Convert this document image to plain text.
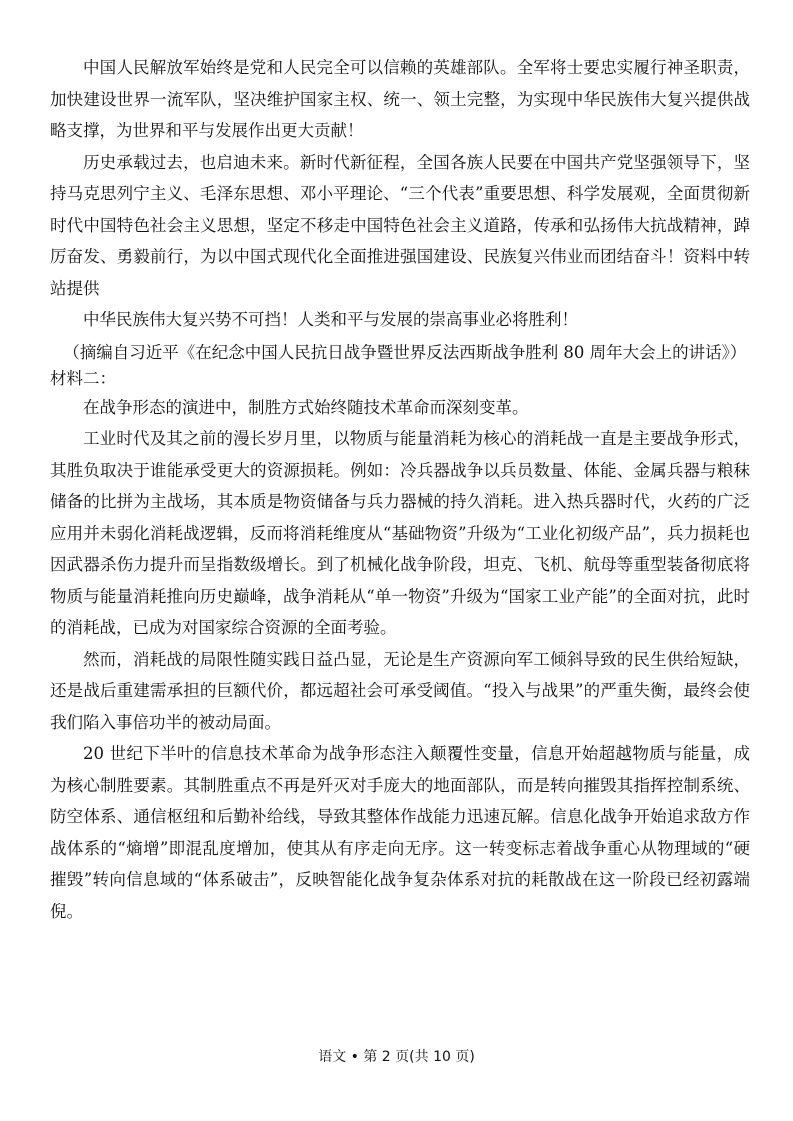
中国人民解放军始终是党和人民完全可以信赖的英雄部队。全军将士要忠实履行神圣职责，加快建设世界一流军队，坚决维护国家主权、统一、领土完整，为实现中华民族伟大复兴提供战略支撑，为世界和平与发展作出更大贡献！

历史承载过去，也启迪未来。新时代新征程，全国各族人民要在中国共产党坚强领导下，坚持马克思列宁主义、毛泽东思想、邓小平理论、“三个代表”重要思想、科学发展观，全面贯彻新时代中国特色社会主义思想，坚定不移走中国特色社会主义道路，传承和弘扬伟大抗战精神，踔厉奋发、勇毅前行，为以中国式现代化全面推进强国建设、民族复兴伟业而团结奋斗！资料中转站提供

中华民族伟大复兴势不可挡！人类和平与发展的崇高事业必将胜利！

（摘编自习近平《在纪念中国人民抗日战争暨世界反法西斯战争胜利 80 周年大会上的讲话》）

材料二：

在战争形态的演进中，制胜方式始终随技术革命而深刻变革。

工业时代及其之前的漫长岁月里，以物质与能量消耗为核心的消耗战一直是主要战争形式，其胜负取决于谁能承受更大的资源损耗。例如：冷兵器战争以兵员数量、体能、金属兵器与粮秣储备的比拼为主战场，其本质是物资储备与兵力器械的持久消耗。进入热兵器时代，火药的广泛应用并未弱化消耗战逻辑，反而将消耗维度从“基础物资”升级为“工业化初级产品”，兵力损耗也因武器杀伤力提升而呈指数级增长。到了机械化战争阶段，坦克、飞机、航母等重型装备彻底将物质与能量消耗推向历史巅峰，战争消耗从“单一物资”升级为“国家工业产能”的全面对抗，此时的消耗战，已成为对国家综合资源的全面考验。

然而，消耗战的局限性随实践日益凸显，无论是生产资源向军工倾斜导致的民生供给短缺，还是战后重建需承担的巨额代价，都远超社会可承受阈值。“投入与战果”的严重失衡，最终会使我们陷入事倍功半的被动局面。

20 世纪下半叶的信息技术革命为战争形态注入颠覆性变量，信息开始超越物质与能量，成为核心制胜要素。其制胜重点不再是歼灭对手庞大的地面部队，而是转向摧毁其指挥控制系统、防空体系、通信枢纽和后勤补给线，导致其整体作战能力迅速瓦解。信息化战争开始追求敌方作战体系的“熵增”即混乱度增加，使其从有序走向无序。这一转变标志着战争重心从物理域的“硬摧毁”转向信息域的“体系破击”，反映智能化战争复杂体系对抗的耗散战在这一阶段已经初露端倪。

语文 • 第 2 页(共 10 页)
